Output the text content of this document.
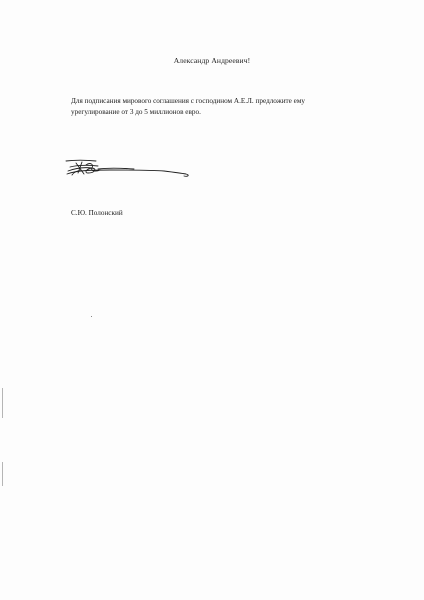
Александр Андреевич!
Для подписания мирового соглашения с господином А.Е.Л. предложите ему
урегулирование от 3 до 5 миллионов евро.
С.Ю. Полонский
